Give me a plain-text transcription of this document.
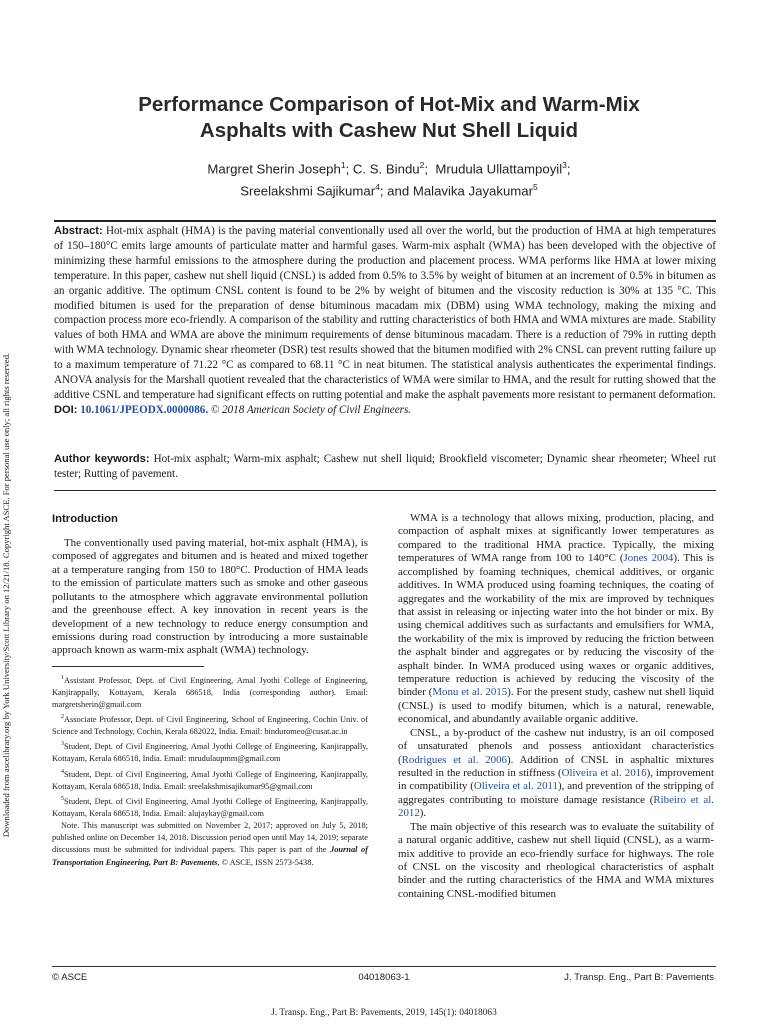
Downloaded from ascelibrary.org by York University/Scott Library on 12/21/18. Copyright ASCE. For personal use only; all rights reserved.
Performance Comparison of Hot-Mix and Warm-Mix
Asphalts with Cashew Nut Shell Liquid
Margret Sherin Joseph$^1$; C. S. Bindu$^2$;  Mrudula Ullattampoyil$^3$;
Sreelakshmi Sajikumar$^4$; and Malavika Jayakumar$^5$

Abstract: Hot-mix asphalt (HMA) is the paving material conventionally used all over the world, but the production of HMA at high temperatures of 150–180°C emits large amounts of particulate matter and harmful gases. Warm-mix asphalt (WMA) has been developed with the objective of minimizing these harmful emissions to the atmosphere during the production and placement process. WMA performs like HMA at lower mixing temperature. In this paper, cashew nut shell liquid (CNSL) is added from 0.5% to 3.5% by weight of bitumen at an increment of 0.5% in bitumen as an organic additive. The optimum CNSL content is found to be 2% by weight of bitumen and the viscosity reduction is 30% at 135 °C. This modified bitumen is used for the preparation of dense bituminous macadam mix (DBM) using WMA technology, making the mixing and compaction process more eco-friendly. A comparison of the stability and rutting characteristics of both HMA and WMA mixtures are made. Stability values of both HMA and WMA are above the minimum requirements of dense bituminous macadam. There is a reduction of 79% in rutting depth with WMA technology. Dynamic shear rheometer (DSR) test results showed that the bitumen modified with 2% CNSL can prevent rutting failure up to a maximum temperature of 71.22 °C as compared to 68.11 °C in neat bitumen. The statistical analysis authenticates the experimental findings. ANOVA analysis for the Marshall quotient revealed that the characteristics of WMA were similar to HMA, and the result for rutting showed that the additive CSNL and temperature had significant effects on rutting potential and make the asphalt pavements more resistant to permanent deformation.
DOI: 10.1061/JPEODX.0000086. © 2018 American Society of Civil Engineers.

Author keywords: Hot-mix asphalt; Warm-mix asphalt; Cashew nut shell liquid; Brookfield viscometer; Dynamic shear rheometer; Wheel rut tester; Rutting of pavement.

Introduction

The conventionally used paving material, hot-mix asphalt (HMA), is composed of aggregates and bitumen and is heated and mixed together at a temperature ranging from 150 to 180°C. Production of HMA leads to the emission of particulate matters such as smoke and other gaseous pollutants to the atmosphere which aggravate environmental pollution and the greenhouse effect. A key innovation in recent years is the development of a new technology to reduce energy consumption and emissions during road construction by introducing a more sustainable approach known as warm-mix asphalt (WMA) technology.

$^1$Assistant Professor, Dept. of Civil Engineering, Amal Jyothi College of Engineering, Kanjirappally, Kottayam, Kerala 686518, India (corresponding author). Email: margretsherin@gmail.com

$^2$Associate Professor, Dept. of Civil Engineering, School of Engineering, Cochin Univ. of Science and Technology, Cochin, Kerala 682022, India. Email: binduromeo@cusat.ac.in

$^3$Student, Dept. of Civil Engineering, Amal Jyothi College of Engineering, Kanjirappally, Kottayam, Kerala 686518, India. Email: mrudulaupmm@gmail.com

$^4$Student, Dept. of Civil Engineering, Amal Jyothi College of Engineering, Kanjirappally, Kottayam, Kerala 686518, India. Email: sreelakshmisajikumar95@gmail.com

$^5$Student, Dept. of Civil Engineering, Amal Jyothi College of Engineering, Kanjirappally, Kottayam, Kerala 686518, India. Email: alujaykay@gmail.com

Note. This manuscript was submitted on November 2, 2017; approved on July 5, 2018; published online on December 14, 2018. Discussion period open until May 14, 2019; separate discussions must be submitted for individual papers. This paper is part of the Journal of Transportation Engineering, Part B: Pavements, © ASCE, ISSN 2573-5438.

WMA is a technology that allows mixing, production, placing, and compaction of asphalt mixes at significantly lower temperatures as compared to the traditional HMA practice. Typically, the mixing temperatures of WMA range from 100 to 140°C (Jones 2004). This is accomplished by foaming techniques, chemical additives, or organic additives. In WMA produced using foaming techniques, the coating of aggregates and the workability of the mix are improved by techniques that assist in releasing or injecting water into the hot binder or mix. By using chemical additives such as surfactants and emulsifiers for WMA, the workability of the mix is improved by reducing the friction between the asphalt binder and aggregates or by reducing the viscosity of the asphalt binder. In WMA produced using waxes or organic additives, temperature reduction is achieved by reducing the viscosity of the binder (Monu et al. 2015). For the present study, cashew nut shell liquid (CNSL) is used to modify bitumen, which is a natural, renewable, economical, and abundantly available organic additive.

CNSL, a by-product of the cashew nut industry, is an oil composed of unsaturated phenols and possess antioxidant characteristics (Rodrigues et al. 2006). Addition of CNSL in asphaltic mixtures resulted in the reduction in stiffness (Oliveira et al. 2016), improvement in compatibility (Oliveira et al. 2011), and prevention of the stripping of aggregates contributing to moisture damage resistance (Ribeiro et al. 2012).

The main objective of this research was to evaluate the suitability of a natural organic additive, cashew nut shell liquid (CNSL), as a warm-mix additive to provide an eco-friendly surface for highways. The role of CNSL on the viscosity and rheological characteristics of asphalt binder and the rutting characteristics of the HMA and WMA mixtures containing CNSL-modified bitumen

© ASCE	04018063-1	J. Transp. Eng., Part B: Pavements
J. Transp. Eng., Part B: Pavements, 2019, 145(1): 04018063
